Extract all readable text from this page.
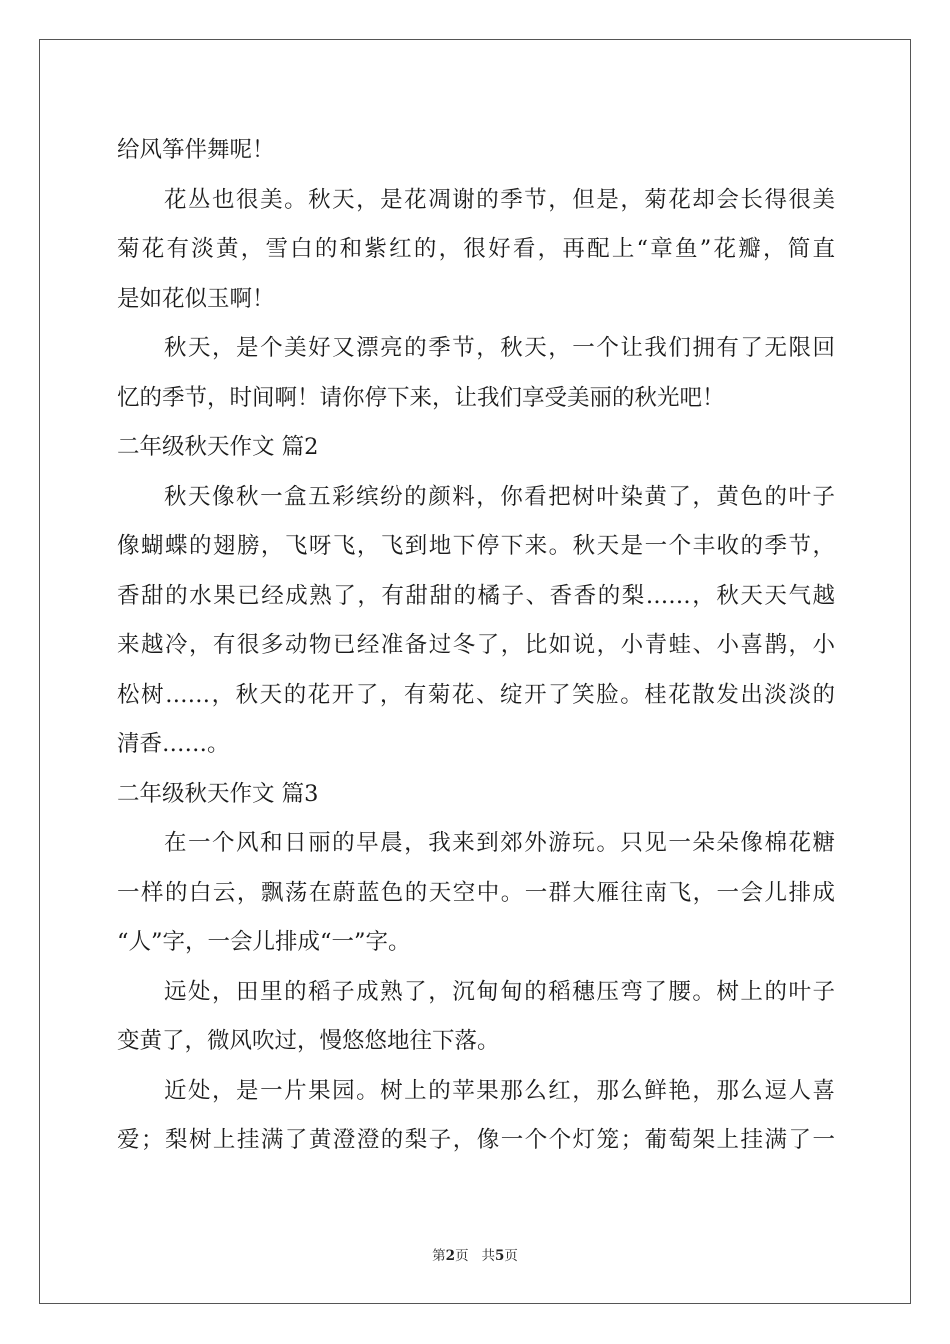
给风筝伴舞呢！
花丛也很美。秋天，是花凋谢的季节，但是，菊花却会长得很美
菊花有淡黄，雪白的和紫红的，很好看，再配上“章鱼”花瓣，简直
是如花似玉啊！
秋天，是个美好又漂亮的季节，秋天，一个让我们拥有了无限回
忆的季节，时间啊！请你停下来，让我们享受美丽的秋光吧！
二年级秋天作文 篇2
秋天像秋一盒五彩缤纷的颜料，你看把树叶染黄了，黄色的叶子
像蝴蝶的翅膀，飞呀飞，飞到地下停下来。秋天是一个丰收的季节，
香甜的水果已经成熟了，有甜甜的橘子、香香的梨……，秋天天气越
来越冷，有很多动物已经准备过冬了，比如说，小青蛙、小喜鹊，小
松树……，秋天的花开了，有菊花、绽开了笑脸。桂花散发出淡淡的
清香……。
二年级秋天作文 篇3
在一个风和日丽的早晨，我来到郊外游玩。只见一朵朵像棉花糖
一样的白云，飘荡在蔚蓝色的天空中。一群大雁往南飞，一会儿排成
“人”字，一会儿排成“一”字。
远处，田里的稻子成熟了，沉甸甸的稻穗压弯了腰。树上的叶子
变黄了，微风吹过，慢悠悠地往下落。
近处，是一片果园。树上的苹果那么红，那么鲜艳，那么逗人喜
爱；梨树上挂满了黄澄澄的梨子，像一个个灯笼；葡萄架上挂满了一
第2页 共5页
